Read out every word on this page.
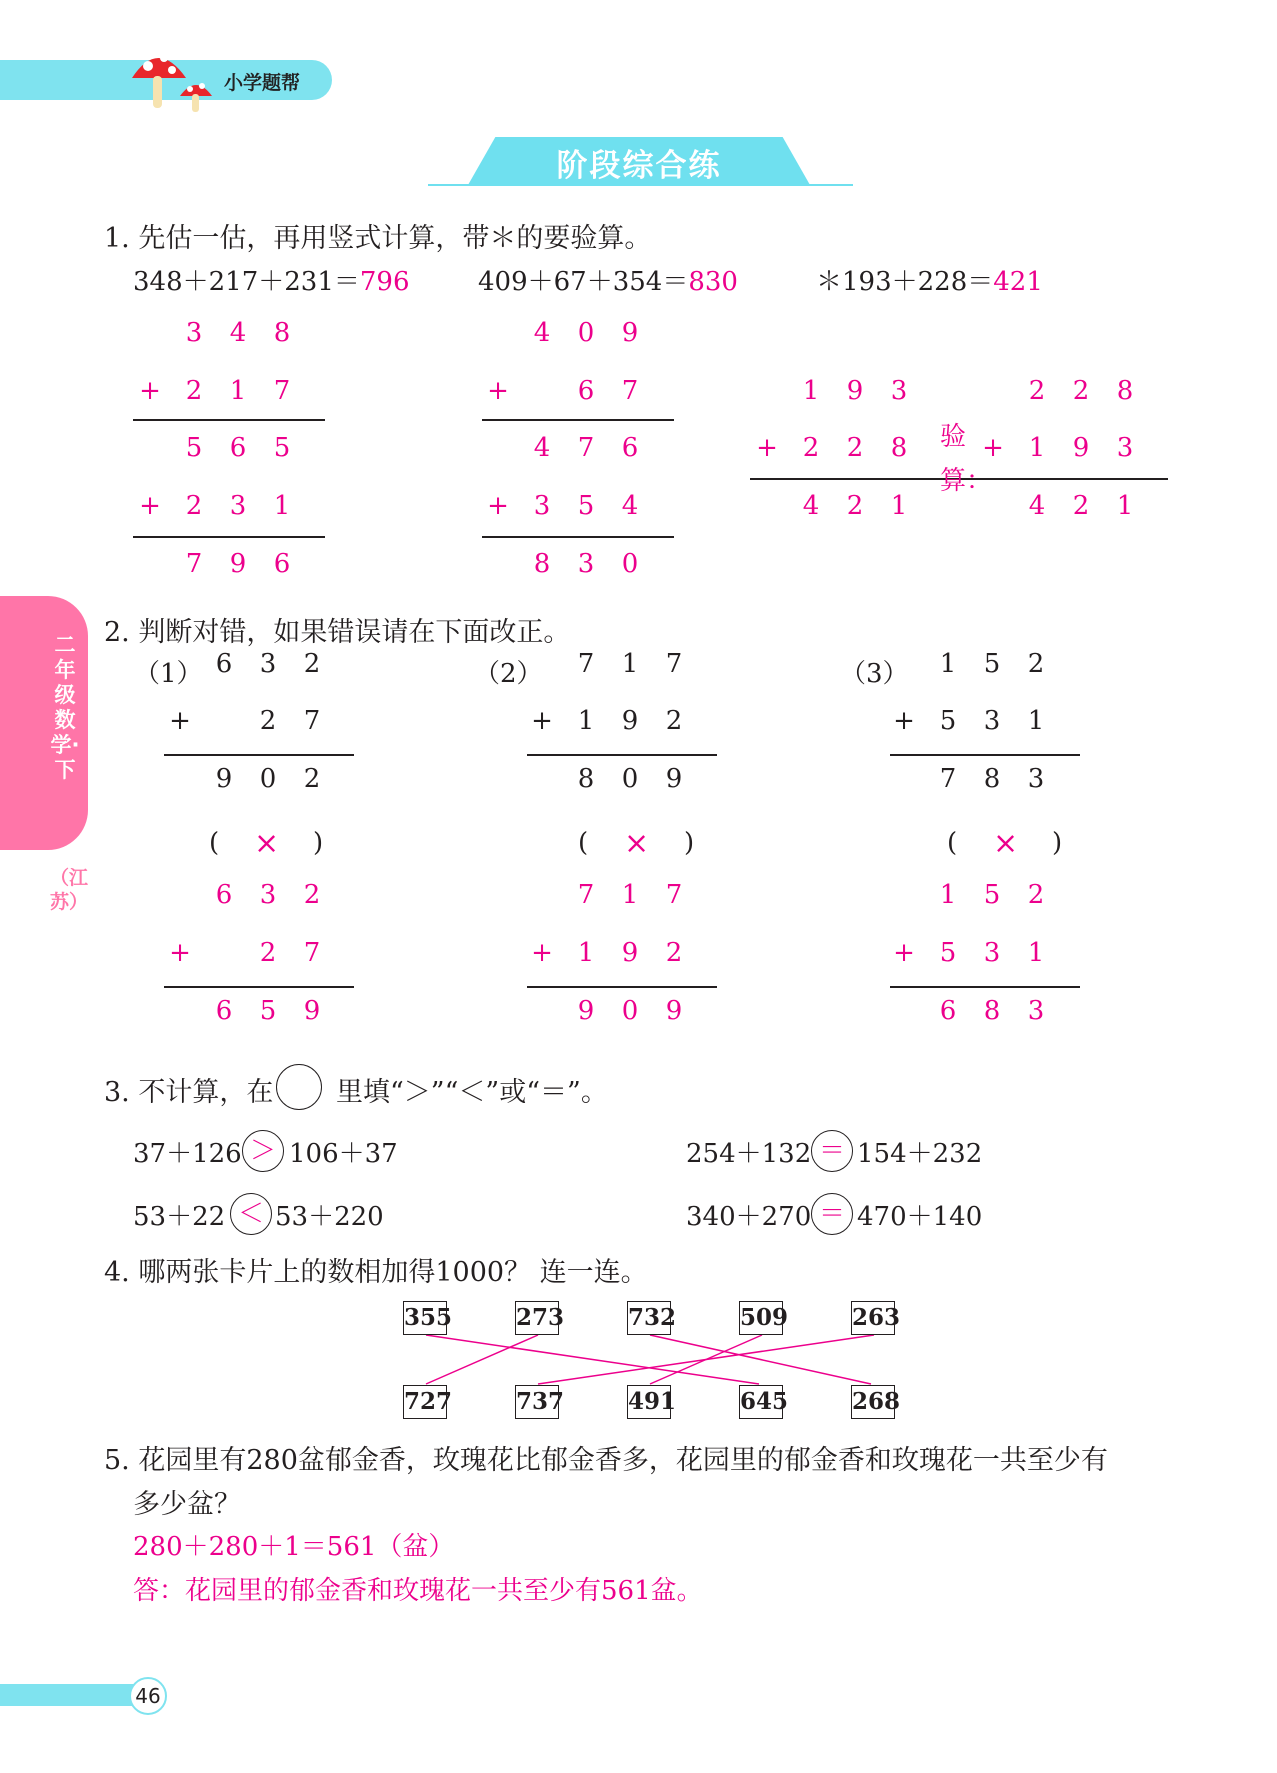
小学题帮
阶段综合练
二年级数学·下
（江苏）
1. 先估一估，再用竖式计算，带＊的要验算。
348＋217＋231＝796	409＋67＋354＝830	＊193＋228＝421
3 4 8
+ 2 1 7
5 6 5
+ 2 3 1
7 9 6
4 0 9
+	6 7
4 7 6
+ 3 5 4
8 3 0
1 9 3
+ 2 2 8
4 2 1
2 2 8
+ 1 9 3
4 2 1
验
算：
2. 判断对错，如果错误请在下面改正。
（1）	（2）	（3）
6 3 2
+	2 7
9 0 2
6 3 2
+	2 7
6 5 9
7 1 7
+ 1 9 2
8 0 9
7 1 7
+ 1 9 2
9 0 9
1 5 2
+ 5 3 1
7 8 3
1 5 2
+ 5 3 1
6 8 3
( × )	( × )	( × )
3. 不计算，在 里填“＞”“＜”或“＝”。
37＋126 ＞ 106＋37	254＋132 ＝ 154＋232
53＋22 ＜ 53＋220	340＋270 ＝ 470＋140
4. 哪两张卡片上的数相加得1000？ 连一连。
355	273	732	509	263
727	737	491	645	268
5. 花园里有280盆郁金香，玫瑰花比郁金香多，花园里的郁金香和玫瑰花一共至少有
多少盆？
280＋280＋1＝561（盆）
答：花园里的郁金香和玫瑰花一共至少有561盆。
46
